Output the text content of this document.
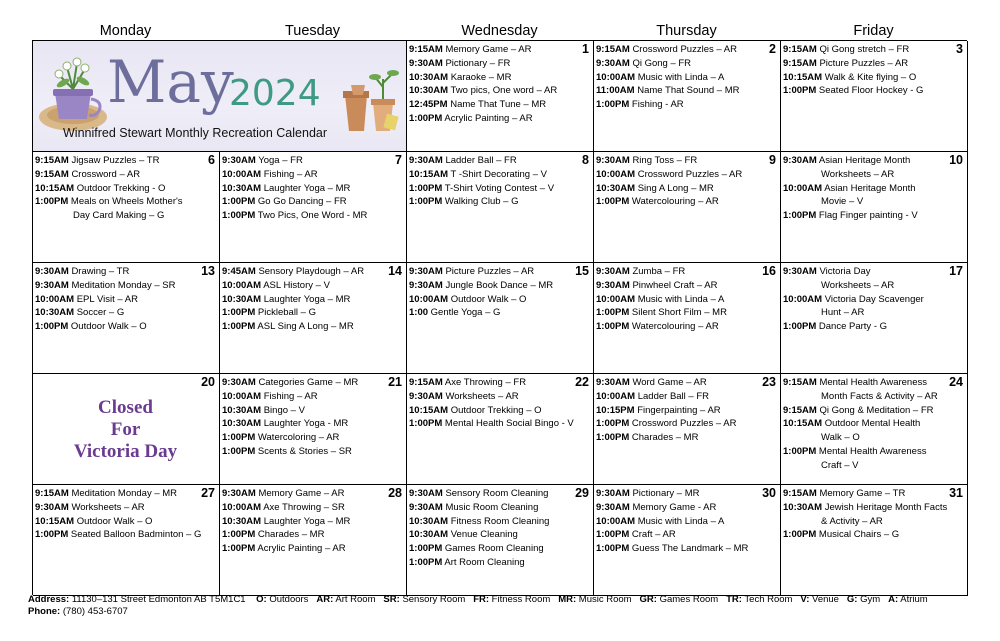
Monday	Tuesday	Wednesday	Thursday	Friday
May
2024
Winnifred Stewart Monthly Recreation Calendar
1
9:15AM Memory Game – AR
9:30AM Pictionary – FR
10:30AM Karaoke – MR
10:30AM Two pics, One word – AR
12:45PM Name That Tune – MR
1:00PM Acrylic Painting – AR
2
9:15AM Crossword Puzzles – AR
9:30AM Qi Gong – FR
10:00AM Music with Linda – A
11:00AM Name That Sound – MR
1:00PM Fishing - AR
3
9:15AM Qi Gong stretch – FR
9:15AM Picture Puzzles – AR
10:15AM Walk & Kite flying – O
1:00PM Seated Floor Hockey - G
6
9:15AM Jigsaw Puzzles – TR
9:15AM Crossword – AR
10:15AM Outdoor Trekking - O
1:00PM Meals on Wheels Mother's
Day Card Making – G
7
9:30AM Yoga – FR
10:00AM Fishing – AR
10:30AM Laughter Yoga – MR
1:00PM Go Go Dancing – FR
1:00PM Two Pics, One Word - MR
8
9:30AM Ladder Ball – FR
10:15AM T -Shirt Decorating – V
1:00PM T-Shirt Voting Contest – V
1:00PM Walking Club – G
9
9:30AM Ring Toss – FR
10:00AM Crossword Puzzles – AR
10:30AM Sing A Long – MR
1:00PM Watercolouring – AR
10
9:30AM Asian Heritage Month
Worksheets – AR
10:00AM Asian Heritage Month
Movie – V
1:00PM Flag Finger painting - V
13
9:30AM Drawing – TR
9:30AM Meditation Monday – SR
10:00AM EPL Visit – AR
10:30AM Soccer – G
1:00PM Outdoor Walk – O
14
9:45AM Sensory Playdough – AR
10:00AM ASL History – V
10:30AM Laughter Yoga – MR
1:00PM Pickleball – G
1:00PM ASL Sing A Long – MR
15
9:30AM Picture Puzzles – AR
9:30AM Jungle Book Dance – MR
10:00AM Outdoor Walk – O
1:00 Gentle Yoga – G
16
9:30AM Zumba – FR
9:30AM Pinwheel Craft – AR
10:00AM Music with Linda – A
1:00PM Silent Short Film – MR
1:00PM Watercolouring – AR
17
9:30AM Victoria Day
Worksheets – AR
10:00AM Victoria Day Scavenger
Hunt – AR
1:00PM Dance Party - G
20
Closed
For
Victoria Day
21
9:30AM Categories Game – MR
10:00AM Fishing – AR
10:30AM Bingo – V
10:30AM Laughter Yoga - MR
1:00PM Watercoloring – AR
1:00PM Scents & Stories – SR
22
9:15AM Axe Throwing – FR
9:30AM Worksheets – AR
10:15AM Outdoor Trekking – O
1:00PM Mental Health Social Bingo - V
23
9:30AM Word Game – AR
10:00AM Ladder Ball – FR
10:15PM Fingerpainting – AR
1:00PM Crossword Puzzles – AR
1:00PM Charades – MR
24
9:15AM Mental Health Awareness
Month Facts & Activity – AR
9:15AM Qi Gong & Meditation – FR
10:15AM Outdoor Mental Health
Walk – O
1:00PM Mental Health Awareness
Craft – V
27
9:15AM Meditation Monday – MR
9:30AM Worksheets – AR
10:15AM Outdoor Walk – O
1:00PM Seated Balloon Badminton – G
28
9:30AM Memory Game – AR
10:00AM Axe Throwing – SR
10:30AM Laughter Yoga – MR
1:00PM Charades – MR
1:00PM Acrylic Painting – AR
29
9:30AM Sensory Room Cleaning
9:30AM Music Room Cleaning
10:30AM Fitness Room Cleaning
10:30AM Venue Cleaning
1:00PM Games Room Cleaning
1:00PM Art Room Cleaning
30
9:30AM Pictionary – MR
9:30AM Memory Game - AR
10:00AM Music with Linda – A
1:00PM Craft – AR
1:00PM Guess The Landmark – MR
31
9:15AM Memory Game – TR
10:30AM Jewish Heritage Month Facts
& Activity – AR
1:00PM Musical Chairs – G
Address: 11130–131 Street Edmonton AB T5M1C1 O: Outdoors AR: Art Room SR: Sensory Room FR: Fitness Room MR: Music Room GR: Games Room TR: Tech Room V: Venue G: Gym A: Atrium
Phone: (780) 453-6707
